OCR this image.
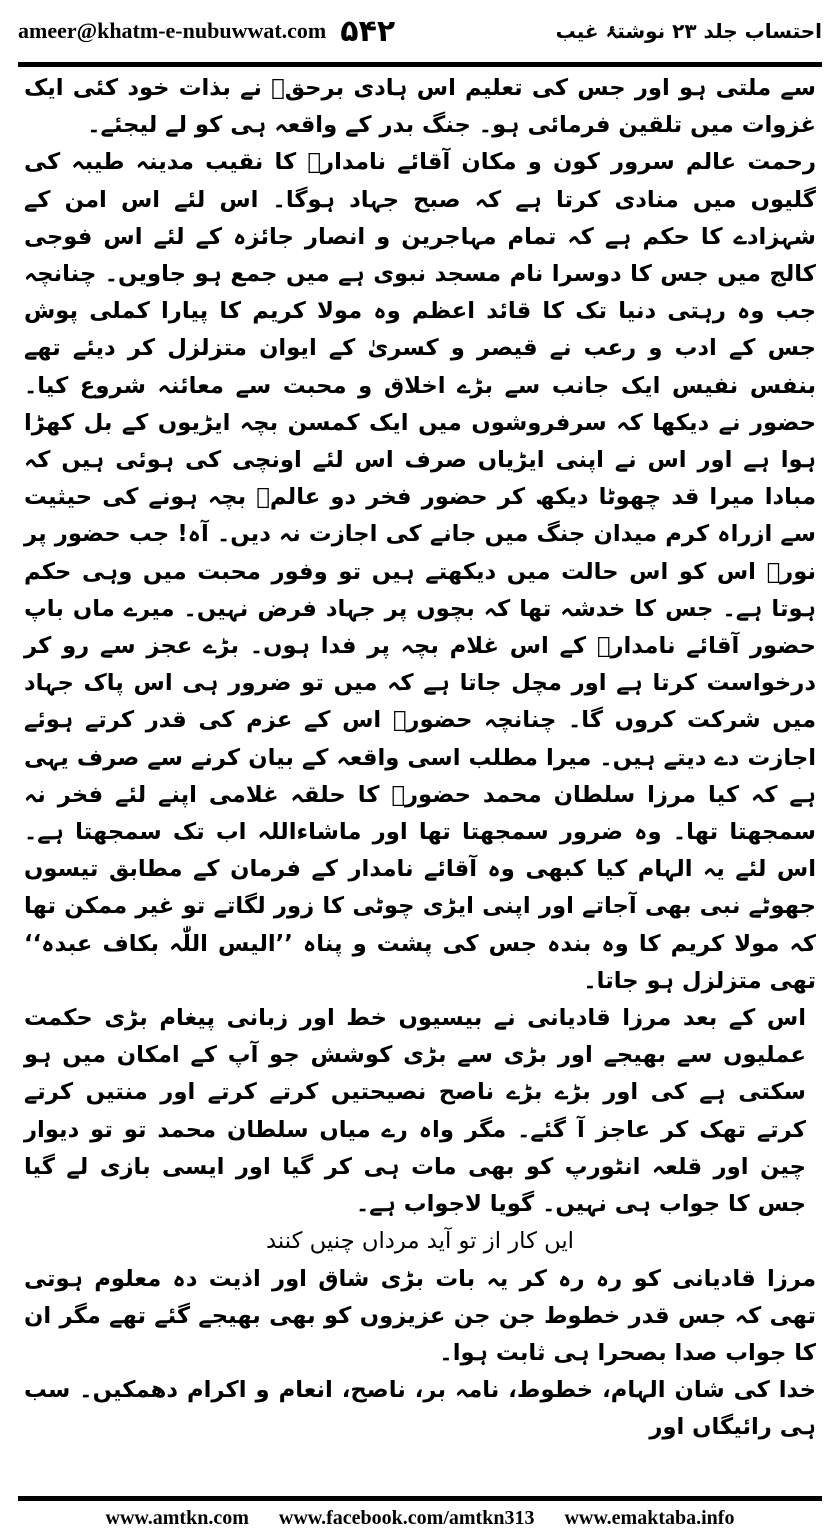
ameer@khatm-e-nubuwwat.com ۵۴۲	احتساب جلد ۲۳ نوشتۂ غیب

سے ملتی ہو اور جس کی تعلیم اس ہادی برحقؐ نے بذات خود کئی ایک غزوات میں تلقین فرمائی ہو۔ جنگ بدر کے واقعہ ہی کو لے لیجئے۔

رحمت عالم سرور کون و مکان آقائے نامدارؐ کا نقیب مدینہ طیبہ کی گلیوں میں منادی کرتا ہے کہ صبح جہاد ہوگا۔ اس لئے اس امن کے شہزادے کا حکم ہے کہ تمام مہاجرین و انصار جائزہ کے لئے اس فوجی کالج میں جس کا دوسرا نام مسجد نبوی ہے میں جمع ہو جاویں۔ چنانچہ جب وہ رہتی دنیا تک کا قائد اعظم وہ مولا کریم کا پیارا کملی پوش جس کے ادب و رعب نے قیصر و کسریٰ کے ایوان متزلزل کر دیئے تھے بنفس نفیس ایک جانب سے بڑے اخلاق و محبت سے معائنہ شروع کیا۔ حضور نے دیکھا کہ سرفروشوں میں ایک کمسن بچہ ایڑیوں کے بل کھڑا ہوا ہے اور اس نے اپنی ایڑیاں صرف اس لئے اونچی کی ہوئی ہیں کہ مبادا میرا قد چھوٹا دیکھ کر حضور فخر دو عالمؐ بچہ ہونے کی حیثیت سے ازراہ کرم میدان جنگ میں جانے کی اجازت نہ دیں۔ آہ! جب حضور پر نورؐ اس کو اس حالت میں دیکھتے ہیں تو وفور محبت میں وہی حکم ہوتا ہے۔ جس کا خدشہ تھا کہ بچوں پر جہاد فرض نہیں۔ میرے ماں باپ حضور آقائے نامدارؐ کے اس غلام بچہ پر فدا ہوں۔ بڑے عجز سے رو کر درخواست کرتا ہے اور مچل جاتا ہے کہ میں تو ضرور ہی اس پاک جہاد میں شرکت کروں گا۔ چنانچہ حضورؐ اس کے عزم کی قدر کرتے ہوئے اجازت دے دیتے ہیں۔ میرا مطلب اسی واقعہ کے بیان کرنے سے صرف یہی ہے کہ کیا مرزا سلطان محمد حضورؐ کا حلقہ غلامی اپنے لئے فخر نہ سمجھتا تھا۔ وہ ضرور سمجھتا تھا اور ماشاءاللہ اب تک سمجھتا ہے۔ اس لئے یہ الہام کیا کبھی وہ آقائے نامدار کے فرمان کے مطابق تیسوں جھوٹے نبی بھی آجاتے اور اپنی ایڑی چوٹی کا زور لگاتے تو غیر ممکن تھا کہ مولا کریم کا وہ بندہ جس کی پشت و پناہ ’’الیس اللّٰہ بکاف عبدہ‘‘ تھی متزلزل ہو جاتا۔

اس کے بعد مرزا قادیانی نے بیسیوں خط اور زبانی پیغام بڑی حکمت عملیوں سے بھیجے اور بڑی سے بڑی کوشش جو آپ کے امکان میں ہو سکتی ہے کی اور بڑے بڑے ناصح نصیحتیں کرتے کرتے اور منتیں کرتے کرتے تھک کر عاجز آ گئے۔ مگر واہ رے میاں سلطان محمد تو تو دیوار چین اور قلعہ انٹورپ کو بھی مات ہی کر گیا اور ایسی بازی لے گیا جس کا جواب ہی نہیں۔ گویا لاجواب ہے۔

ایں کار از تو آید مرداں چنیں کنند

مرزا قادیانی کو رہ رہ کر یہ بات بڑی شاق اور اذیت دہ معلوم ہوتی تھی کہ جس قدر خطوط جن جن عزیزوں کو بھی بھیجے گئے تھے مگر ان کا جواب صدا بصحرا ہی ثابت ہوا۔

خدا کی شان الہام، خطوط، نامہ بر، ناصح، انعام و اکرام دھمکیں۔ سب ہی رائیگاں اور

www.amtkn.com www.facebook.com/amtkn313 www.emaktaba.info
